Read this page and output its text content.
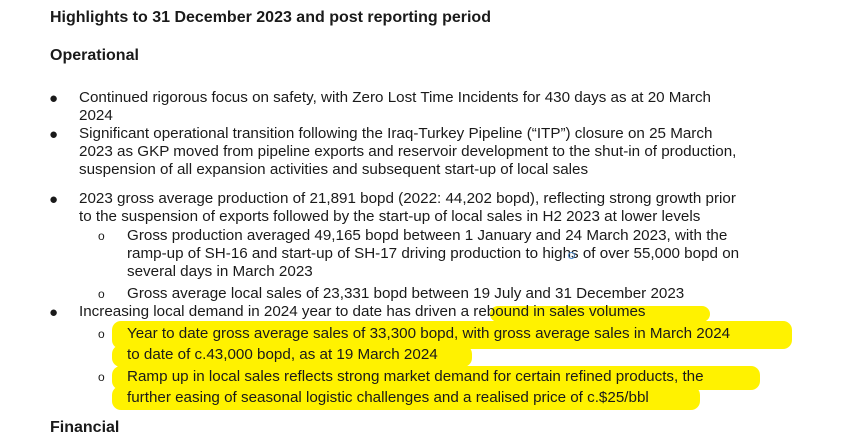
Highlights to 31 December 2023 and post reporting period
Operational
● Continued rigorous focus on safety, with Zero Lost Time Incidents for 430 days as at 20 March
2024
● Significant operational transition following the Iraq-Turkey Pipeline (“ITP”) closure on 25 March
2023 as GKP moved from pipeline exports and reservoir development to the shut-in of production,
suspension of all expansion activities and subsequent start-up of local sales
● 2023 gross average production of 21,891 bopd (2022: 44,202 bopd), reflecting strong growth prior
to the suspension of exports followed by the start-up of local sales in H2 2023 at lower levels
o Gross production averaged 49,165 bopd between 1 January and 24 March 2023, with the
ramp-up of SH-16 and start-up of SH-17 driving production to highs of over 55,000 bopd on
several days in March 2023
o Gross average local sales of 23,331 bopd between 19 July and 31 December 2023
● Increasing local demand in 2024 year to date has driven a rebound in sales volumes
o Year to date gross average sales of 33,300 bopd, with gross average sales in March 2024
to date of c.43,000 bopd, as at 19 March 2024
o Ramp up in local sales reflects strong market demand for certain refined products, the
further easing of seasonal logistic challenges and a realised price of c.$25/bbl
Financial
